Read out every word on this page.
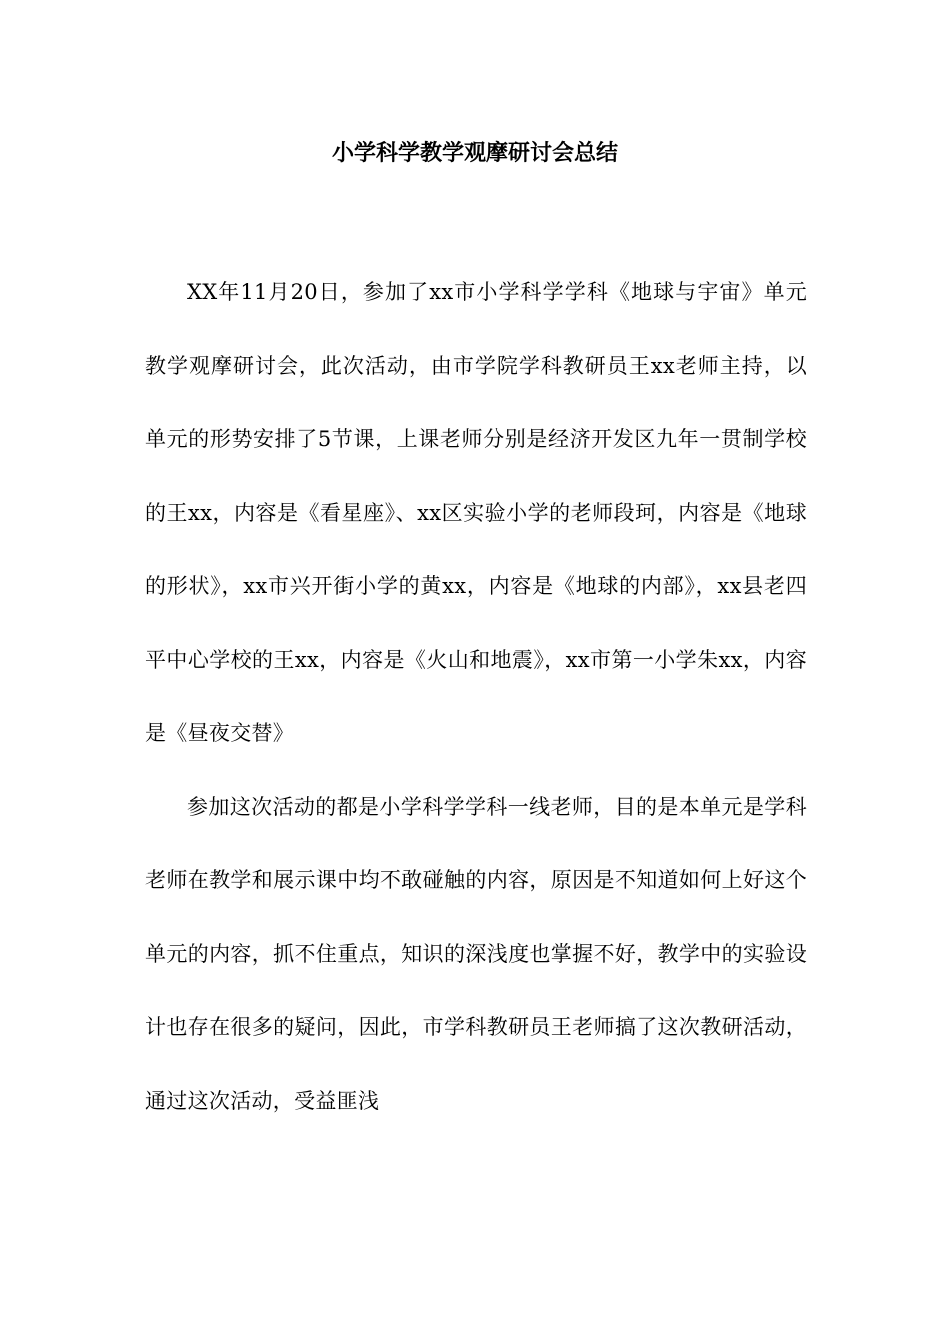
小学科学教学观摩研讨会总结

XX年11月20日，参加了xx市小学科学学科《地球与宇宙》单元教学观摩研讨会，此次活动，由市学院学科教研员王xx老师主持，以单元的形势安排了5节课，上课老师分别是经济开发区九年一贯制学校的王xx，内容是《看星座》、xx区实验小学的老师段珂，内容是《地球的形状》，xx市兴开街小学的黄xx，内容是《地球的内部》，xx县老四平中心学校的王xx，内容是《火山和地震》，xx市第一小学朱xx，内容是《昼夜交替》

参加这次活动的都是小学科学学科一线老师，目的是本单元是学科老师在教学和展示课中均不敢碰触的内容，原因是不知道如何上好这个单元的内容，抓不住重点，知识的深浅度也掌握不好，教学中的实验设计也存在很多的疑问，因此，市学科教研员王老师搞了这次教研活动，通过这次活动，受益匪浅
